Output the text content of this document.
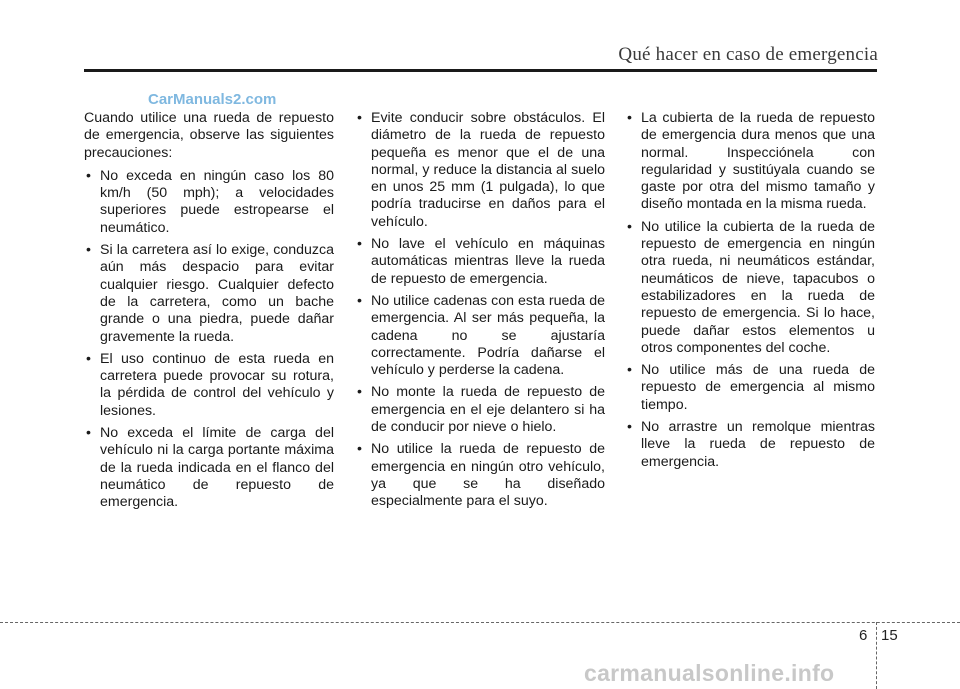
Qué hacer en caso de emergencia
CarManuals2.com

Cuando utilice una rueda de repuesto de emergencia, observe las siguientes precauciones:

• No exceda en ningún caso los 80 km/h (50 mph); a velocidades superiores puede estropearse el neumático.
• Si la carretera así lo exige, conduzca aún más despacio para evitar cualquier riesgo. Cualquier defecto de la carretera, como un bache grande o una piedra, puede dañar gravemente la rueda.
• El uso continuo de esta rueda en carretera puede provocar su rotura, la pérdida de control del vehículo y lesiones.
• No exceda el límite de carga del vehículo ni la carga portante máxima de la rueda indicada en el flanco del neumático de repuesto de emergencia.
• Evite conducir sobre obstáculos. El diámetro de la rueda de repuesto pequeña es menor que el de una normal, y reduce la distancia al suelo en unos 25 mm (1 pulgada), lo que podría traducirse en daños para el vehículo.
• No lave el vehículo en máquinas automáticas mientras lleve la rueda de repuesto de emergencia.
• No utilice cadenas con esta rueda de emergencia. Al ser más pequeña, la cadena no se ajustaría correctamente. Podría dañarse el vehículo y perderse la cadena.
• No monte la rueda de repuesto de emergencia en el eje delantero si ha de conducir por nieve o hielo.
• No utilice la rueda de repuesto de emergencia en ningún otro vehículo, ya que se ha diseñado especialmente para el suyo.
• La cubierta de la rueda de repuesto de emergencia dura menos que una normal. Inspecciónela con regularidad y sustitúyala cuando se gaste por otra del mismo tamaño y diseño montada en la misma rueda.
• No utilice la cubierta de la rueda de repuesto de emergencia en ningún otra rueda, ni neumáticos estándar, neumáticos de nieve, tapacubos o estabilizadores en la rueda de repuesto de emergencia. Si lo hace, puede dañar estos elementos u otros componentes del coche.
• No utilice más de una rueda de repuesto de emergencia al mismo tiempo.
• No arrastre un remolque mientras lleve la rueda de repuesto de emergencia.
6 15
carmanualsonline.info
